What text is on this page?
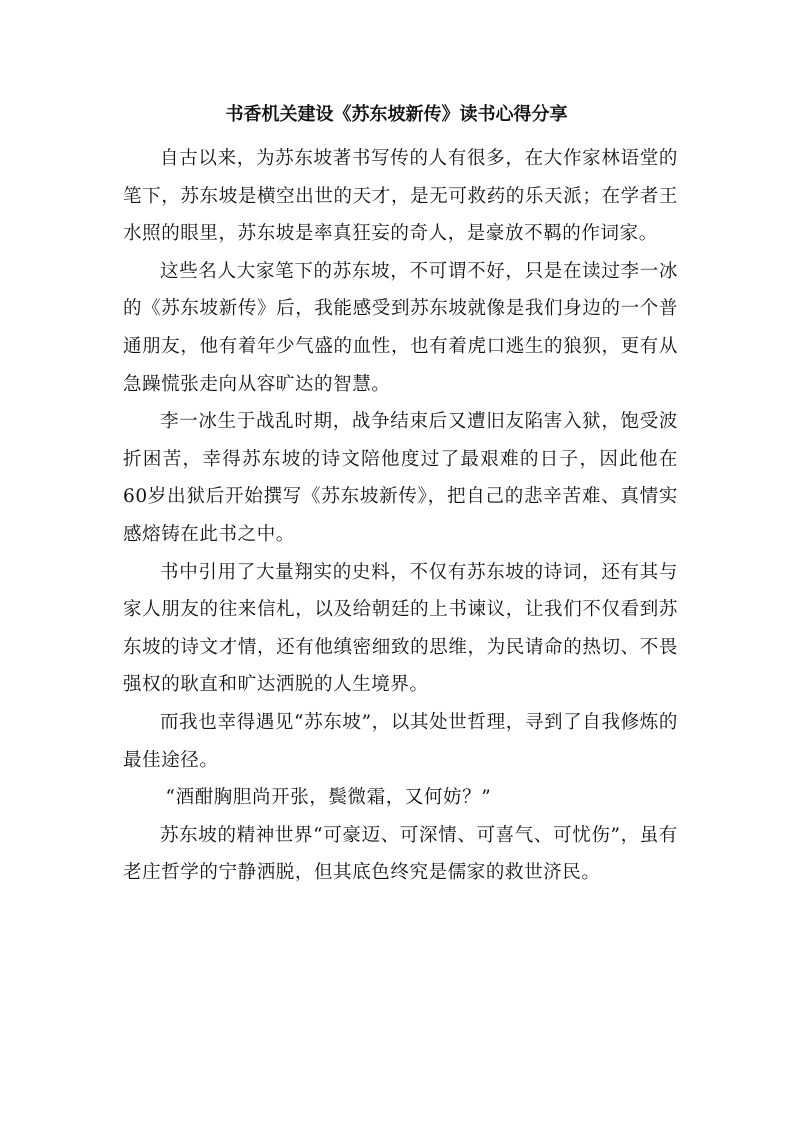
书香机关建设《苏东坡新传》读书心得分享

自古以来，为苏东坡著书写传的人有很多，在大作家林语堂的笔下，苏东坡是横空出世的天才，是无可救药的乐天派；在学者王水照的眼里，苏东坡是率真狂妄的奇人，是豪放不羁的作词家。

这些名人大家笔下的苏东坡，不可谓不好，只是在读过李一冰的《苏东坡新传》后，我能感受到苏东坡就像是我们身边的一个普通朋友，他有着年少气盛的血性，也有着虎口逃生的狼狈，更有从急躁慌张走向从容旷达的智慧。

李一冰生于战乱时期，战争结束后又遭旧友陷害入狱，饱受波折困苦，幸得苏东坡的诗文陪他度过了最艰难的日子，因此他在60岁出狱后开始撰写《苏东坡新传》，把自己的悲辛苦难、真情实感熔铸在此书之中。

书中引用了大量翔实的史料，不仅有苏东坡的诗词，还有其与家人朋友的往来信札，以及给朝廷的上书谏议，让我们不仅看到苏东坡的诗文才情，还有他缜密细致的思维，为民请命的热切、不畏强权的耿直和旷达洒脱的人生境界。

而我也幸得遇见“苏东坡”，以其处世哲理，寻到了自我修炼的最佳途径。

“酒酣胸胆尚开张，鬓微霜，又何妨？”

苏东坡的精神世界“可豪迈、可深情、可喜气、可忧伤”，虽有老庄哲学的宁静洒脱，但其底色终究是儒家的救世济民。
